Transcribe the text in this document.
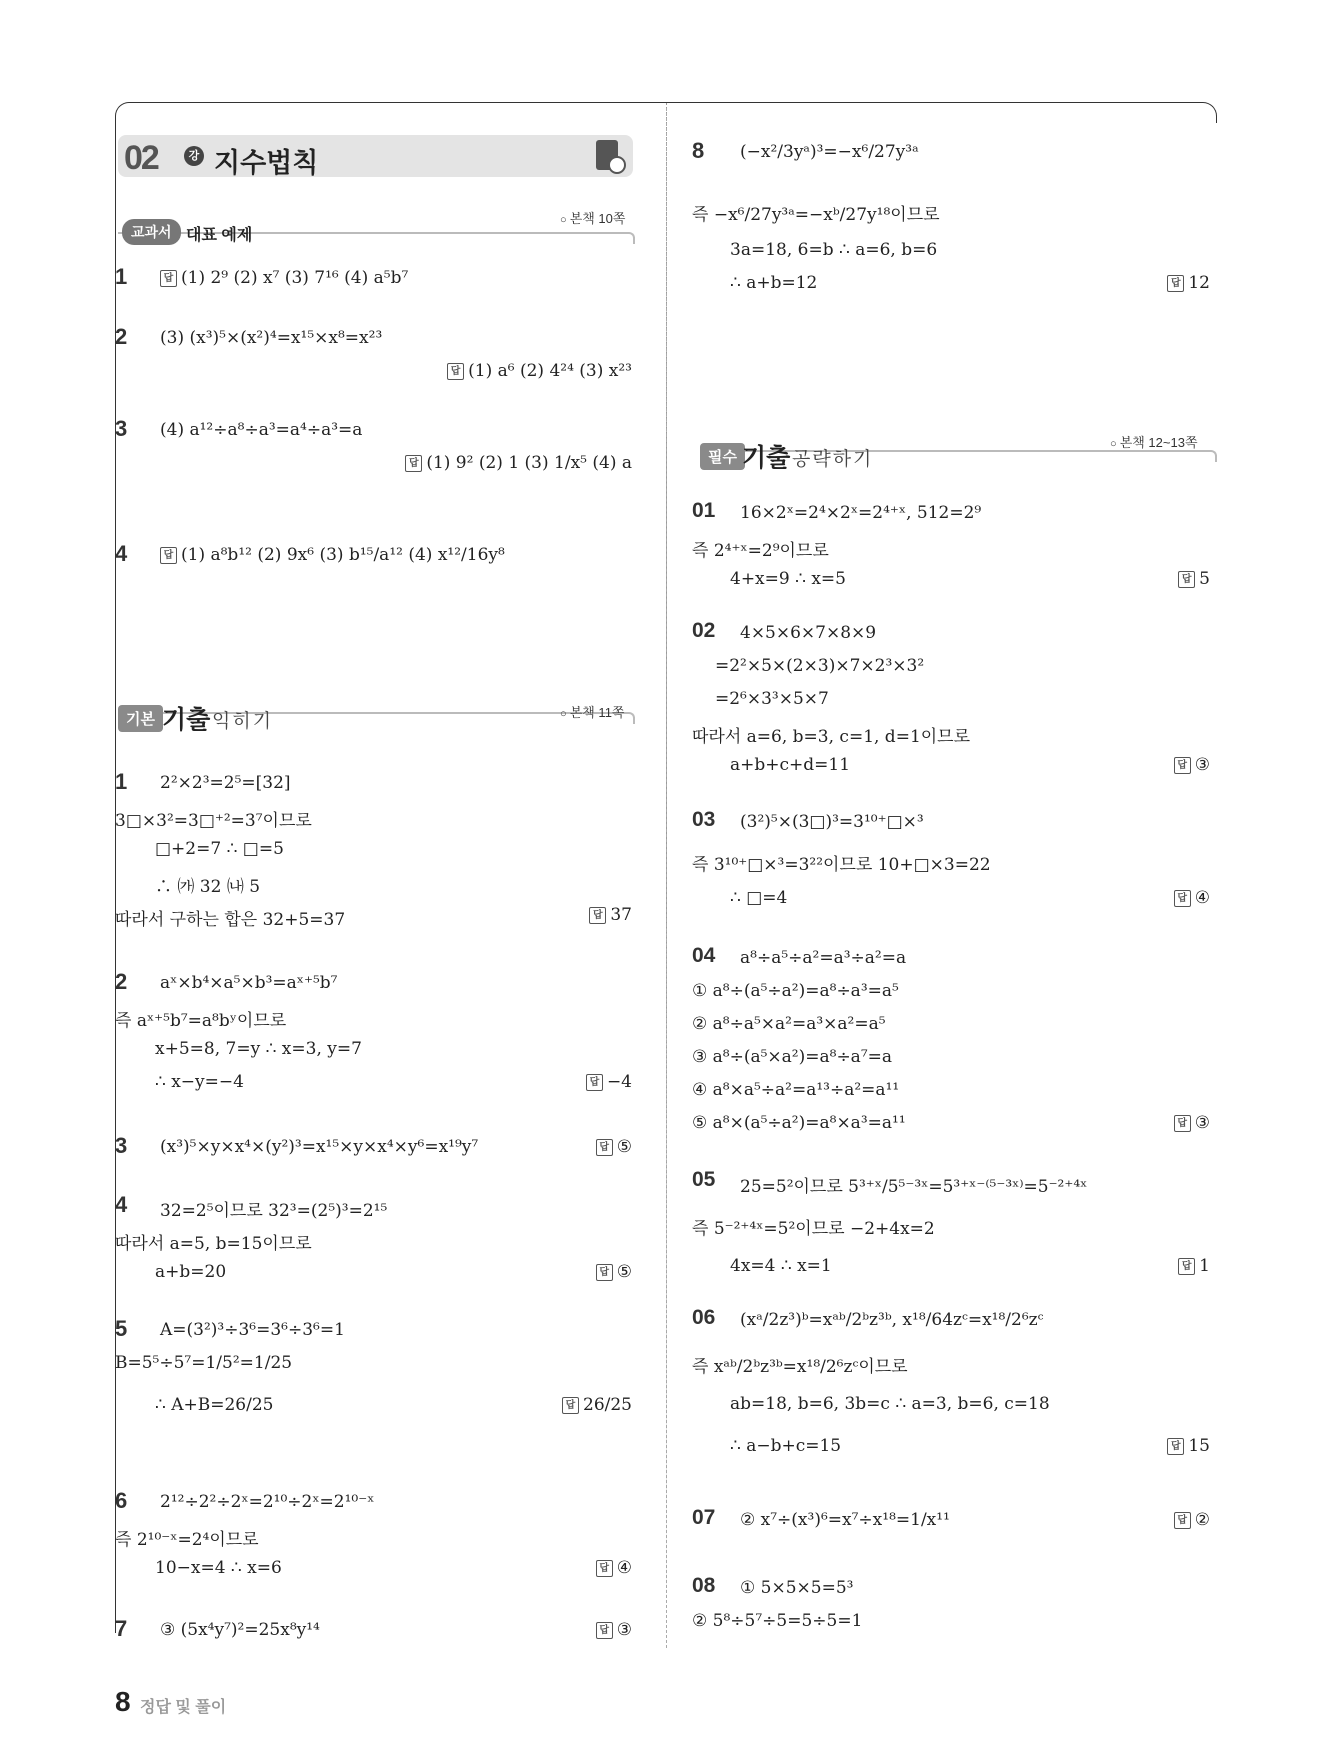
02	강 지수법칙
교과서 대표 예제
○ 본책 10쪽
기본 기출 익히기	○ 본책 11쪽
필수 기출 공략하기
○ 본책 12~13쪽
8 정답 및 풀이
1 답	(1) 2⁹ (2) x⁷ (3) 7¹⁶ (4) a⁵b⁷
2 (3) (x³)⁵×(x²)⁴=x¹⁵×x⁸=x²³
답(1) a⁶ (2) 4²⁴ (3) x²³
3 (4) a¹²÷a⁸÷a³=a⁴÷a³=a
답(1) 9² (2) 1 (3) 1/x⁵ (4) a
4 답	(1) a⁸b¹² (2) 9x⁶ (3) b¹⁵/a¹² (4) x¹²/16y⁸
1 2²×2³=2⁵=[32]
3□×3²=3□⁺²=3⁷이므로
□+2=7 ∴ □=5
∴ ㈎ 32 ㈏ 5
따라서 구하는 합은 32+5=37 답	37
2 aˣ×b⁴×a⁵×b³=aˣ⁺⁵b⁷
즉 aˣ⁺⁵b⁷=a⁸bʸ이므로
x+5=8, 7=y ∴ x=3, y=7
∴ x−y=−4 답	−4
3 (x³)⁵×y×x⁴×(y²)³=x¹⁵×y×x⁴×y⁶=x¹⁹y⁷ 답	⑤
4 32=2⁵이므로 32³=(2⁵)³=2¹⁵
따라서 a=5, b=15이므로
a+b=20 답	⑤
5 A=(3²)³÷3⁶=3⁶÷3⁶=1
B=5⁵÷5⁷=1/5²=1/25
∴ A+B=26/25 답	26/25
6 2¹²÷2²÷2ˣ=2¹⁰÷2ˣ=2¹⁰⁻ˣ
즉 2¹⁰⁻ˣ=2⁴이므로
10−x=4 ∴ x=6 답	④
7 ③ (5x⁴y⁷)²=25x⁸y¹⁴ 답	③
8 (−x²/3yᵃ)³=−x⁶/27y³ᵃ
즉 −x⁶/27y³ᵃ=−xᵇ/27y¹⁸이므로
3a=18, 6=b ∴ a=6, b=6
∴ a+b=12 답	12
01 16×2ˣ=2⁴×2ˣ=2⁴⁺ˣ, 512=2⁹
즉 2⁴⁺ˣ=2⁹이므로
4+x=9 ∴ x=5 답	5
02 4×5×6×7×8×9
=2²×5×(2×3)×7×2³×3²
=2⁶×3³×5×7
따라서 a=6, b=3, c=1, d=1이므로
a+b+c+d=11 답	③
03 (3²)⁵×(3□)³=3¹⁰⁺□×³
즉 3¹⁰⁺□×³=3²²이므로 10+□×3=22
∴ □=4 답	④
04 a⁸÷a⁵÷a²=a³÷a²=a
① a⁸÷(a⁵÷a²)=a⁸÷a³=a⁵
② a⁸÷a⁵×a²=a³×a²=a⁵
③ a⁸÷(a⁵×a²)=a⁸÷a⁷=a
④ a⁸×a⁵÷a²=a¹³÷a²=a¹¹
⑤ a⁸×(a⁵÷a²)=a⁸×a³=a¹¹ 답	③
05 25=5²이므로 5³⁺ˣ/5⁵⁻³ˣ=5³⁺ˣ⁻⁽⁵⁻³ˣ⁾=5⁻²⁺⁴ˣ
즉 5⁻²⁺⁴ˣ=5²이므로 −2+4x=2
4x=4 ∴ x=1 답	1
06 (xᵃ/2z³)ᵇ=xᵃᵇ/2ᵇz³ᵇ, x¹⁸/64zᶜ=x¹⁸/2⁶zᶜ
즉 xᵃᵇ/2ᵇz³ᵇ=x¹⁸/2⁶zᶜ이므로
ab=18, b=6, 3b=c ∴ a=3, b=6, c=18
∴ a−b+c=15 답	15
07 ② x⁷÷(x³)⁶=x⁷÷x¹⁸=1/x¹¹ 답	②
08 ① 5×5×5=5³
② 5⁸÷5⁷÷5=5÷5=1
